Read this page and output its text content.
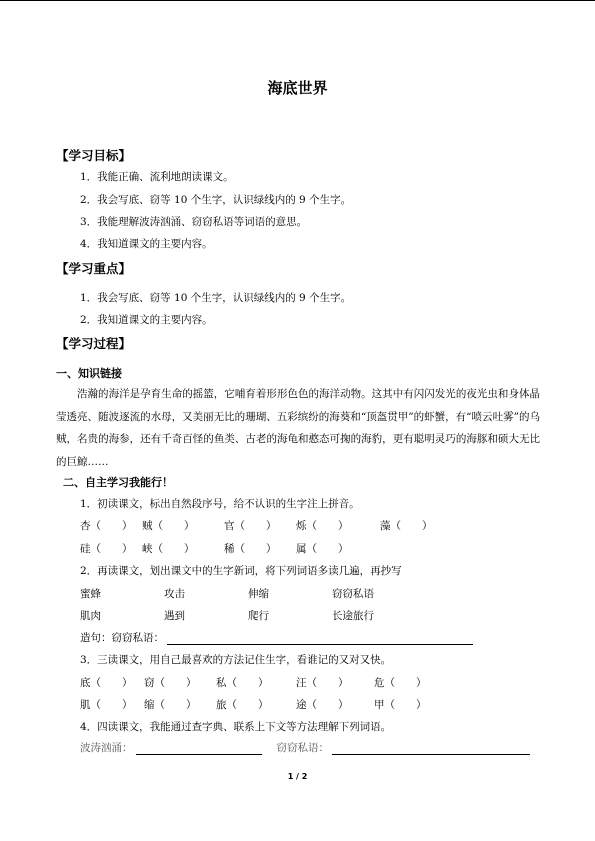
海底世界
【学习目标】
1．我能正确、流利地朗读课文。
2．我会写底、窃等 10 个生字，认识绿线内的 9 个生字。
3．我能理解波涛汹涌、窃窃私语等词语的意思。
4．我知道课文的主要内容。
【学习重点】
1．我会写底、窃等 10 个生字，认识绿线内的 9 个生字。
2．我知道课文的主要内容。
【学习过程】
一、知识链接
浩瀚的海洋是孕育生命的摇篮，它哺育着形形色色的海洋动物。这其中有闪闪发光的夜光虫和身体晶莹透亮、随波逐流的水母，又美丽无比的珊瑚、五彩缤纷的海葵和“顶盔贯甲”的虾蟹，有“喷云吐雾”的乌贼，名贵的海参，还有千奇百怪的鱼类、古老的海龟和憨态可掬的海豹，更有聪明灵巧的海豚和硕大无比的巨鲸……
二、自主学习我能行！
1．初读课文，标出自然段序号，给不认识的生字注上拼音。
杏（　　） 贼（　　）	官（　　）	烁（　　）	藻（　　）
硅（　　） 峡（　　）	稀（　　）	属（　　）
2．再读课文，划出课文中的生字新词，将下列词语多读几遍，再抄写
蜜蜂	攻击	伸缩	窃窃私语
肌肉	遇到	爬行	长途旅行
造句：窃窃私语：
3．三读课文，用自己最喜欢的方法记住生字，看谁记的又对又快。
底（　　）	窃（　　）	私（　　）	汪（　　）	危（　　）
肌（　　）	缩（　　）	旅（　　）	途（　　）	甲（　　）
4．四读课文，我能通过查字典、联系上下文等方法理解下列词语。
波涛汹涌：	窃窃私语：
1 / 2
